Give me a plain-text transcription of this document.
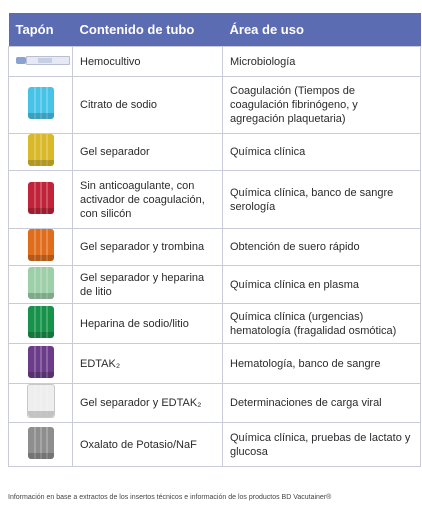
Tapón	Contenido de tubo	Área de uso

	Hemocultivo	Microbiología

	Citrato de sodio	Coagulación (Tiempos de coagulación fibrinógeno, y agregación plaquetaria)

	Gel separador	Química clínica

	Sin anticoagulante, con activador de coagulación, con silicón	Química clínica, banco de sangre serología

	Gel separador y trombina	Obtención de suero rápido

	Gel separador y heparina de litio	Química clínica en plasma

	Heparina de sodio/litio	Química clínica (urgencias) hematología (fragalidad osmótica)

	EDTAK₂	Hematología, banco de sangre

	Gel separador y EDTAK₂	Determinaciones de carga viral

	Oxalato de Potasio/NaF	Química clínica, pruebas de lactato y glucosa
Información en base a extractos de los insertos técnicos e información de los productos BD Vacutainer®
